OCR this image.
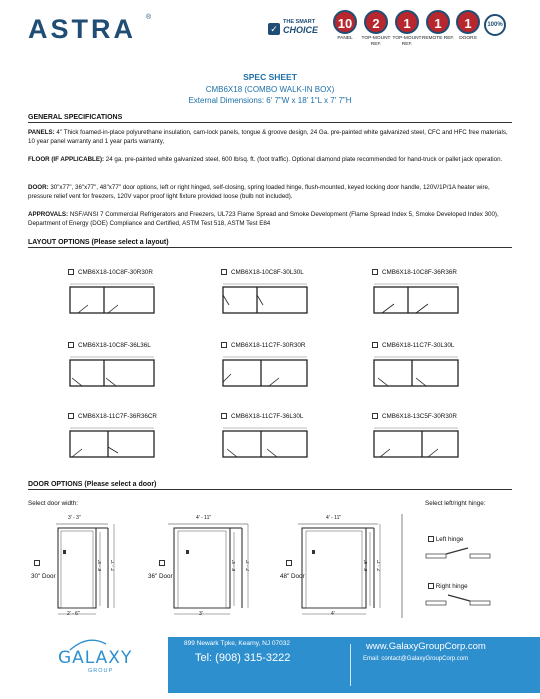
ASTRA ®
✓
THE SMART
CHOICE	10
PANEL
2
TOP-MOUNT REF.
1
TOP-MOUNT REF.
1
REMOTE REF.
1
DOORS
100%
SPEC SHEET
CMB6X18 (COMBO WALK-IN BOX)
External Dimensions: 6' 7"W x 18' 1"L x 7' 7"H
GENERAL SPECIFICATIONS
PANELS: 4" Thick foamed-in-place polyurethane insulation, cam-lock panels, tongue & groove design, 24 Ga. pre-painted white galvanized steel, CFC and HFC free materials, 10 year panel warranty and 1 year parts warranty,
FLOOR (IF APPLICABLE): 24 ga. pre-painted white galvanized steel, 600 lb/sq. ft. (foot traffic). Optional diamond plate recommended for hand-truck or pallet jack operation.
DOOR: 30"x77", 36"x77", 48"x77" door options, left or right hinged, self-closing, spring loaded hinge, flush-mounted, keyed locking door handle, 120V/1P/1A heater wire, pressure relief vent for freezers, 120V vapor proof light fixture provided loose (bulb not included).
APPROVALS: NSF/ANSI 7 Commercial Refrigerators and Freezers, UL723 Flame Spread and Smoke Development (Flame Spread Index 5, Smoke Developed Index 300), Department of Energy (DOE) Compliance and Certified, ASTM Test 518, ASTM Test E84
LAYOUT OPTIONS (Please select a layout)
CMB6X18-10C8F-30R30R	CMB6X18-10C8F-30L30L	CMB6X18-10C8F-36R36R
CMB6X18-10C8F-36L36L	CMB6X18-11C7F-30R30R	CMB6X18-11C7F-30L30L
CMB6X18-11C7F-36R36CR	CMB6X18-11C7F-36L30L	CMB6X18-13C5F-30R30R
DOOR OPTIONS (Please select a door)
Select door width:	Select left/right hinge:
3' - 3"
6' - 5" 7' - 7"
30" Door
2' - 6"
4' - 11"
6' - 5" 7' - 7"
36" Door
3'
4' - 11"
6' - 5" 7' - 7"
48" Door
4'
Left hinge
Right hinge
GALAXY
GROUP
899 Newark Tpke, Kearny, NJ 07032
Tel: (908) 315-3222
www.GalaxyGroupCorp.com
Email: contact@GalaxyGroupCorp.com
